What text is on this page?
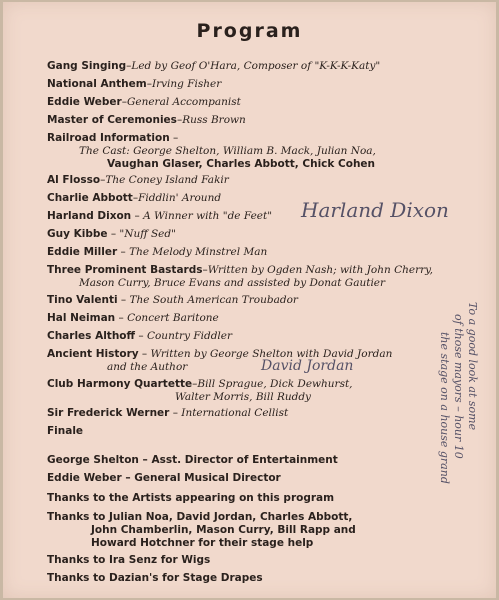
Program
Gang Singing–Led by Geof O'Hara, Composer of "K-K-K-Katy"
National Anthem–Irving Fisher
Eddie Weber–General Accompanist
Master of Ceremonies–Russ Brown
Railroad Information –
The Cast: George Shelton, William B. Mack, Julian Noa,
Vaughan Glaser, Charles Abbott, Chick Cohen
Al Flosso–The Coney Island Fakir
Charlie Abbott–Fiddlin' Around
Harland Dixon – A Winner with "de Feet"
Guy Kibbe – "Nuff Sed"
Eddie Miller – The Melody Minstrel Man
Three Prominent Bastards–Written by Ogden Nash; with John Cherry,
Mason Curry, Bruce Evans and assisted by Donat Gautier
Tino Valenti – The South American Troubador
Hal Neiman – Concert Baritone
Charles Althoff – Country Fiddler
Ancient History – Written by George Shelton with David Jordan
and the Author
Club Harmony Quartette–Bill Sprague, Dick Dewhurst,
Walter Morris, Bill Ruddy
Sir Frederick Werner – International Cellist
Finale
George Shelton – Asst. Director of Entertainment
Eddie Weber – General Musical Director
Thanks to the Artists appearing on this program
Thanks to Julian Noa, David Jordan, Charles Abbott,
John Chamberlin, Mason Curry, Bill Rapp and
Howard Hotchner for their stage help
Thanks to Ira Senz for Wigs
Thanks to Dazian's for Stage Drapes
Harland Dixon
David Jordan	To a good look at some
of those mayors – hour 10
the stage on a house grand
